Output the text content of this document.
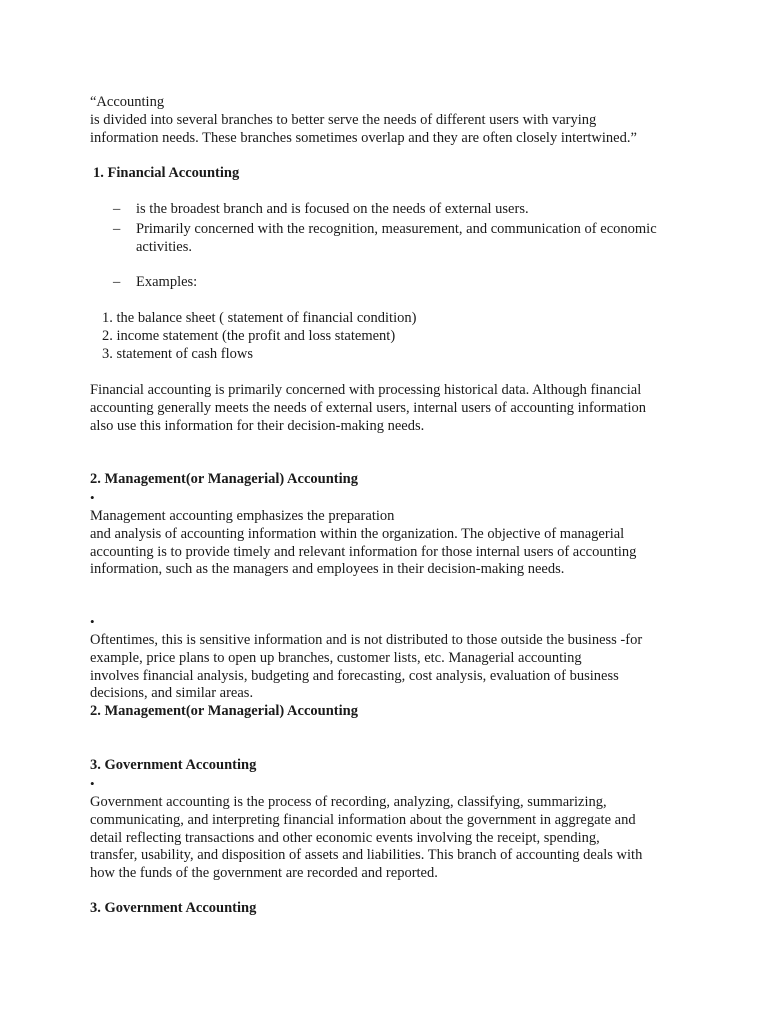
“Accounting
is divided into several branches to better serve the needs of different users with varying
information needs. These branches sometimes overlap and they are often closely intertwined.”
1. Financial Accounting
– is the broadest branch and is focused on the needs of external users.
– Primarily concerned with the recognition, measurement, and communication of economic
activities.
– Examples:
1. the balance sheet ( statement of financial condition)
2. income statement (the profit and loss statement)
3. statement of cash flows
Financial accounting is primarily concerned with processing historical data. Although financial
accounting generally meets the needs of external users, internal users of accounting information
also use this information for their decision-making needs.
2. Management(or Managerial) Accounting
•
Management accounting emphasizes the preparation
and analysis of accounting information within the organization. The objective of managerial
accounting is to provide timely and relevant information for those internal users of accounting
information, such as the managers and employees in their decision-making needs.
•
Oftentimes, this is sensitive information and is not distributed to those outside the business -for
example, price plans to open up branches, customer lists, etc. Managerial accounting
involves financial analysis, budgeting and forecasting, cost analysis, evaluation of business
decisions, and similar areas.
2. Management(or Managerial) Accounting
3. Government Accounting
•
Government accounting is the process of recording, analyzing, classifying, summarizing,
communicating, and interpreting financial information about the government in aggregate and
detail reflecting transactions and other economic events involving the receipt, spending,
transfer, usability, and disposition of assets and liabilities. This branch of accounting deals with
how the funds of the government are recorded and reported.
3. Government Accounting
